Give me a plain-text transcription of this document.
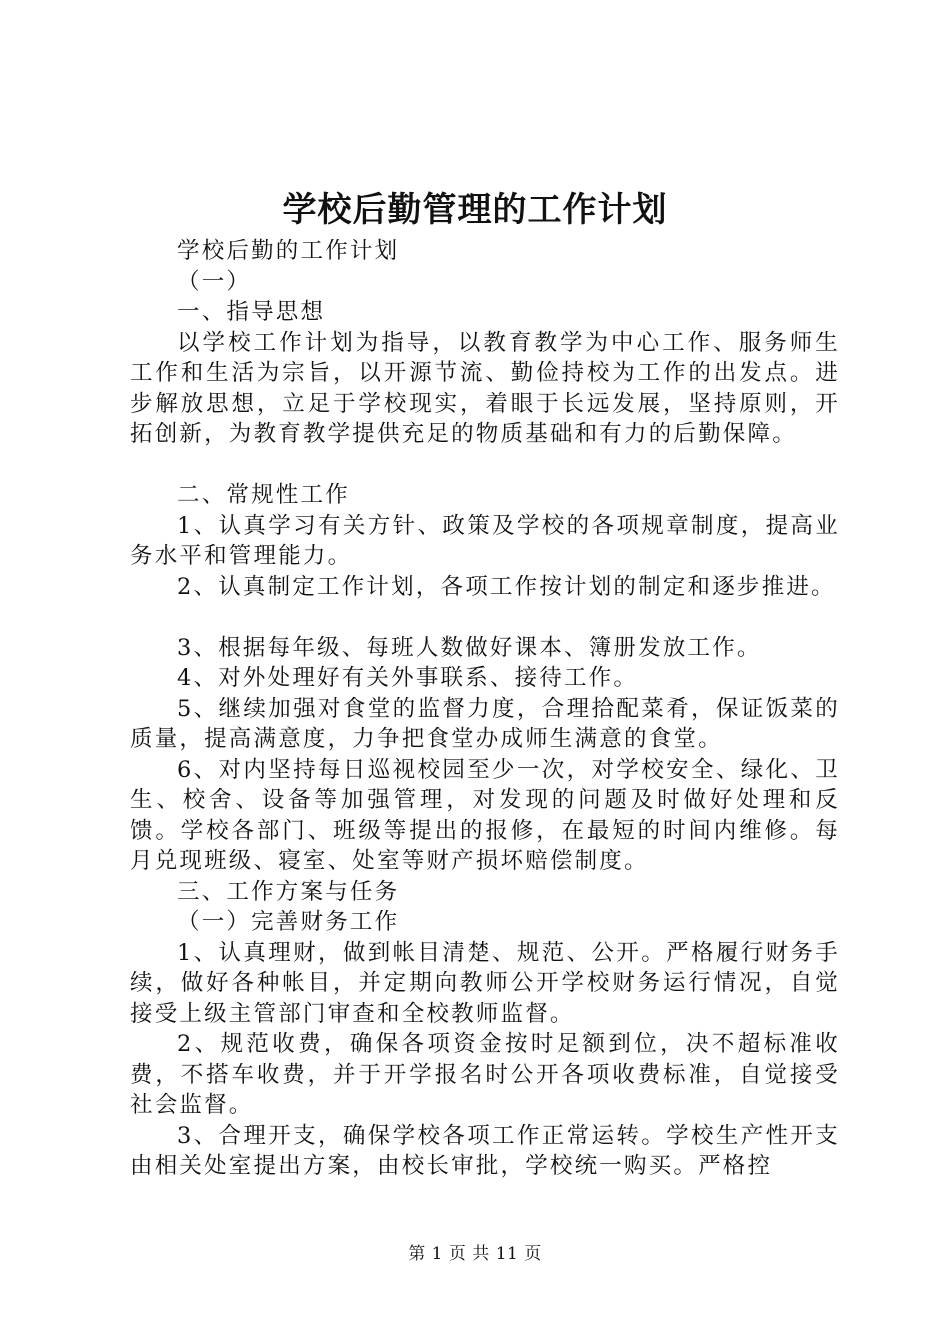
学校后勤管理的工作计划

学校后勤的工作计划

（一）

一、指导思想

以学校工作计划为指导，以教育教学为中心工作、服务师生工作和生活为宗旨，以开源节流、勤俭持校为工作的出发点。进步解放思想，立足于学校现实，着眼于长远发展，坚持原则，开拓创新，为教育教学提供充足的物质基础和有力的后勤保障。

二、常规性工作

1、认真学习有关方针、政策及学校的各项规章制度，提高业务水平和管理能力。

2、认真制定工作计划，各项工作按计划的制定和逐步推进。

3、根据每年级、每班人数做好课本、簿册发放工作。

4、对外处理好有关外事联系、接待工作。

5、继续加强对食堂的监督力度，合理拾配菜肴，保证饭菜的质量，提高满意度，力争把食堂办成师生满意的食堂。

6、对内坚持每日巡视校园至少一次，对学校安全、绿化、卫生、校舍、设备等加强管理，对发现的问题及时做好处理和反馈。学校各部门、班级等提出的报修，在最短的时间内维修。每月兑现班级、寝室、处室等财产损坏赔偿制度。

三、工作方案与任务

（一）完善财务工作

1、认真理财，做到帐目清楚、规范、公开。严格履行财务手续，做好各种帐目，并定期向教师公开学校财务运行情况，自觉接受上级主管部门审查和全校教师监督。

2、规范收费，确保各项资金按时足额到位，决不超标准收费，不搭车收费，并于开学报名时公开各项收费标准，自觉接受社会监督。

3、合理开支，确保学校各项工作正常运转。学校生产性开支由相关处室提出方案，由校长审批，学校统一购买。严格控

第 1 页 共 11 页
